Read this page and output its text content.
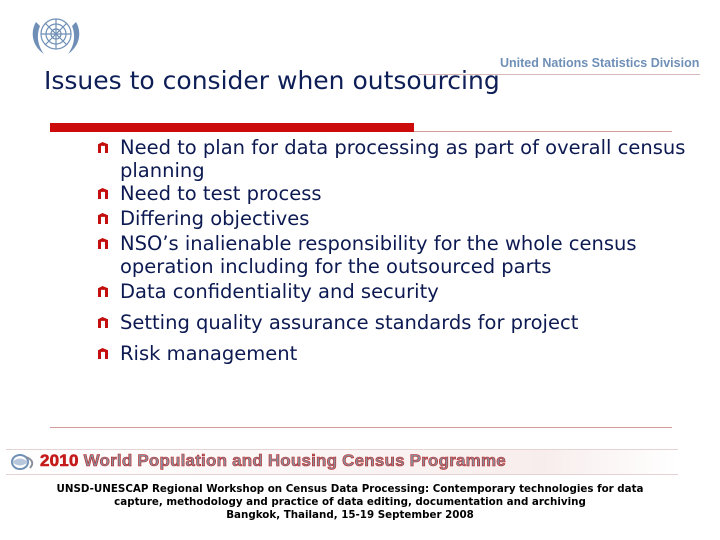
United Nations Statistics Division
Issues to consider when outsourcing
Need to plan for data processing as part of overall census planning
Need to test process
Differing objectives
NSO’s inalienable responsibility for the whole census operation including for the outsourced parts
Data confidentiality and security
Setting quality assurance standards for project
Risk management
2010 World Population and Housing Census Programme
UNSD-UNESCAP Regional Workshop on Census Data Processing: Contemporary technologies for data
capture, methodology and practice of data editing, documentation and archiving
Bangkok, Thailand, 15-19 September 2008
